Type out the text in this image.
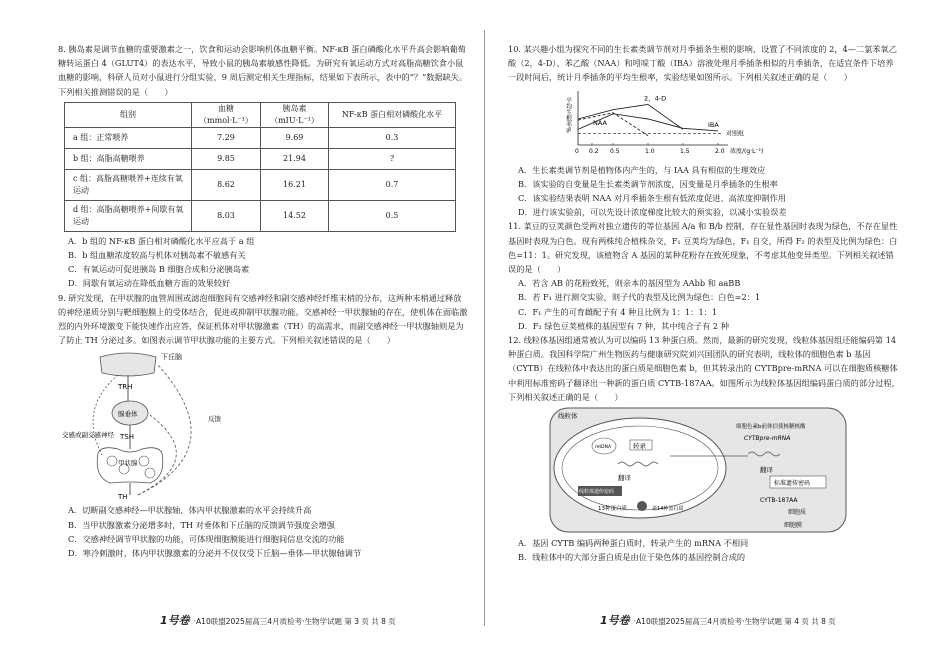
8. 胰岛素是调节血糖的重要激素之一，饮食和运动会影响机体血糖平衡。NF-κB 蛋白磷酸化水平升高会影响葡萄糖转运蛋白 4（GLUT4）的表达水平，导致小鼠的胰岛素敏感性降低。为研究有氧运动方式对高脂高糖饮食小鼠血糖的影响，科研人员对小鼠进行分组实验，9 周后测定相关生理指标，结果如下表所示，表中的“？”数据缺失。下列相关推测错误的是（　　）

组别	血糖（mmol·L⁻¹）	胰岛素（mIU·L⁻¹）	NF-κB 蛋白相对磷酸化水平
a 组：正常喂养	7.29	9.69	0.3
b 组：高脂高糖喂养	9.85	21.94	?
c 组：高脂高糖喂养+连续有氧运动	8.62	16.21	0.7
d 组：高脂高糖喂养+间歇有氧运动	8.03	14.52	0.5

A．b 组的 NF-κB 蛋白相对磷酸化水平应高于 a 组

B．b 组血糖浓度较高与机体对胰岛素不敏感有关

C．有氧运动可促进胰岛 B 细胞合成和分泌胰岛素

D．间歇有氧运动在降低血糖方面的效果较好

9. 研究发现，在甲状腺的血管周围或滤泡细胞间有交感神经和副交感神经纤维末梢的分布，这两种末梢通过释放的神经递质分别与靶细胞膜上的受体结合，促进或抑制甲状腺功能。交感神经一甲状腺轴的存在，使机体在面临激烈的内外环境激变下能快速作出应答，保证机体对甲状腺激素（TH）的高需求，而副交感神经一甲状腺轴则是为了防止 TH 分泌过多。如图表示调节甲状腺功能的主要方式。下列相关叙述错误的是（　　）

下丘脑
TRH
腺垂体
TSH
交感或副交感神经
甲状腺
TH
反馈

A．切断副交感神经—甲状腺轴，体内甲状腺激素的水平会持续升高

B．当甲状腺激素分泌增多时，TH 对垂体和下丘脑的反馈调节强度会增强

C．交感神经调节甲状腺的功能，可体现细胞膜能进行细胞间信息交流的功能

D．寒冷刺激时，体内甲状腺激素的分泌并不仅仅受下丘脑—垂体—甲状腺轴调节

10. 某兴趣小组为探究不同的生长素类调节剂对月季插条生根的影响，设置了不同浓度的 2，4—二氯苯氧乙酸（2，4-D）、苯乙酸（NAA）和吲哚丁酸（IBA）溶液处理月季插条相似的月季插条，在适宜条件下培养一段时间后，统计月季插条的平均生根率，实验结果如图所示。下列相关叙述正确的是（　　）

平均生根率%
0 0.2 0.5	1.0	1.5	2.0 浓度/(g·L⁻¹)
对照组
2，4-D
NAA	IBA

A．生长素类调节剂是植物体内产生的，与 IAA 具有相似的生理效应

B．该实验的自变量是生长素类调节剂浓度，因变量是月季插条的生根率

C．该实验结果表明 NAA 对月季插条生根有低浓度促进、高浓度抑制作用

D．进行该实验前，可以先设计浓度梯度比较大的预实验，以减小实验误差

11. 菜豆的豆荚颜色受两对独立遗传的等位基因 A/a 和 B/b 控制，存在显性基因时表现为绿色，不存在显性基因时表现为白色。现有两株纯合植株杂交，F₁ 豆荚均为绿色，F₁ 自交，所得 F₂ 的表型及比例为绿色：白色=11：1。研究发现，该植物含 A 基因的某种花粉存在致死现象，不考虑其他变异类型。下列相关叙述错误的是（　　）

A．若含 AB 的花粉致死，则亲本的基因型为 AAbb 和 aaBB

B．若 F₁ 进行测交实验，则子代的表型及比例为绿色：白色=2：1

C．F₁ 产生的可育雌配子有 4 种且比例为 1：1：1：1

D．F₂ 绿色豆荚植株的基因型有 7 种，其中纯合子有 2 种

12. 线粒体基因组通常被认为可以编码 13 种蛋白质。然而，最新的研究发现，线粒体基因组还能编码第 14 种蛋白质。我国科学院广州生物医药与健康研究院刘兴国团队的研究表明，线粒体的细胞色素 b 基因（CYTB）在线粒体中表达出的蛋白质是细胞色素 b，但其转录出的 CYTBpre-mRNA 可以在细胞质核糖体中利用标准密码子翻译出一种新的蛋白质 CYTB-187AA。如图所示为线粒体基因组编码蛋白质的部分过程，下列相关叙述正确的是（　　）

线粒体
mtDNA	转录
翻译
线粒体遗传密码
13种蛋白质	第14种蛋白质
细胞色素b前体信使核糖核酸
CYTBpre-mRNA
翻译
标准遗传密码
CYTB-187AA
细胞质
细胞膜

A．基因 CYTB 编码两种蛋白质时，转录产生的 mRNA 不相同

B．线粒体中的大部分蛋白质是由位于染色体的基因控制合成的

1号卷 ·A10联盟2025届高三4月质检考·生物学试题 第 3 页 共 8 页	1号卷 ·A10联盟2025届高三4月质检考·生物学试题 第 4 页 共 8 页
